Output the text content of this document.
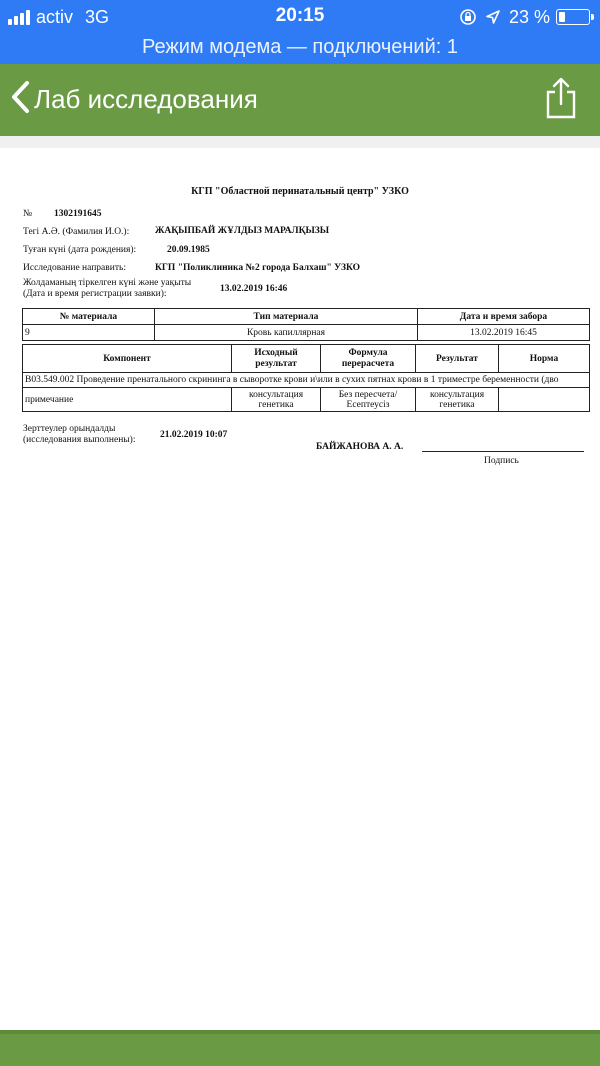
activ 3G	20:15	23 %
Режим модема — подключений: 1
Лаб исследования
КГП "Областной перинатальный центр" УЗКО
№ 1302191645
Тегі А.Ә. (Фамилия И.О.):	ЖАҚЫПБАЙ ЖҰЛДЫЗ МАРАЛҚЫЗЫ
Туған күні (дата рождения):	20.09.1985
Исследование направить:	КГП "Поликлиника №2 города Балхаш" УЗКО
Жолдаманың тіркелген күні және уақыты
(Дата и время регистрации заявки):	13.02.2019 16:46
№ материала	Тип материала	Дата и время забора
9	Кровь капиллярная	13.02.2019 16:45
Компонент	Исходный результат	Формула перерасчета	Результат	Норма
B03.549.002 Проведение пренатального скрининга в сыворотке крови и\или в сухих пятнах крови в 1 триместре беременности (дво				
примечание	консультация генетика	Без пересчета/ Есептеусіз	консультация генетика	
Зерттеулер орындалды
(исследования выполнены):	21.02.2019 10:07
БАЙЖАНОВА А. А.
Подпись
